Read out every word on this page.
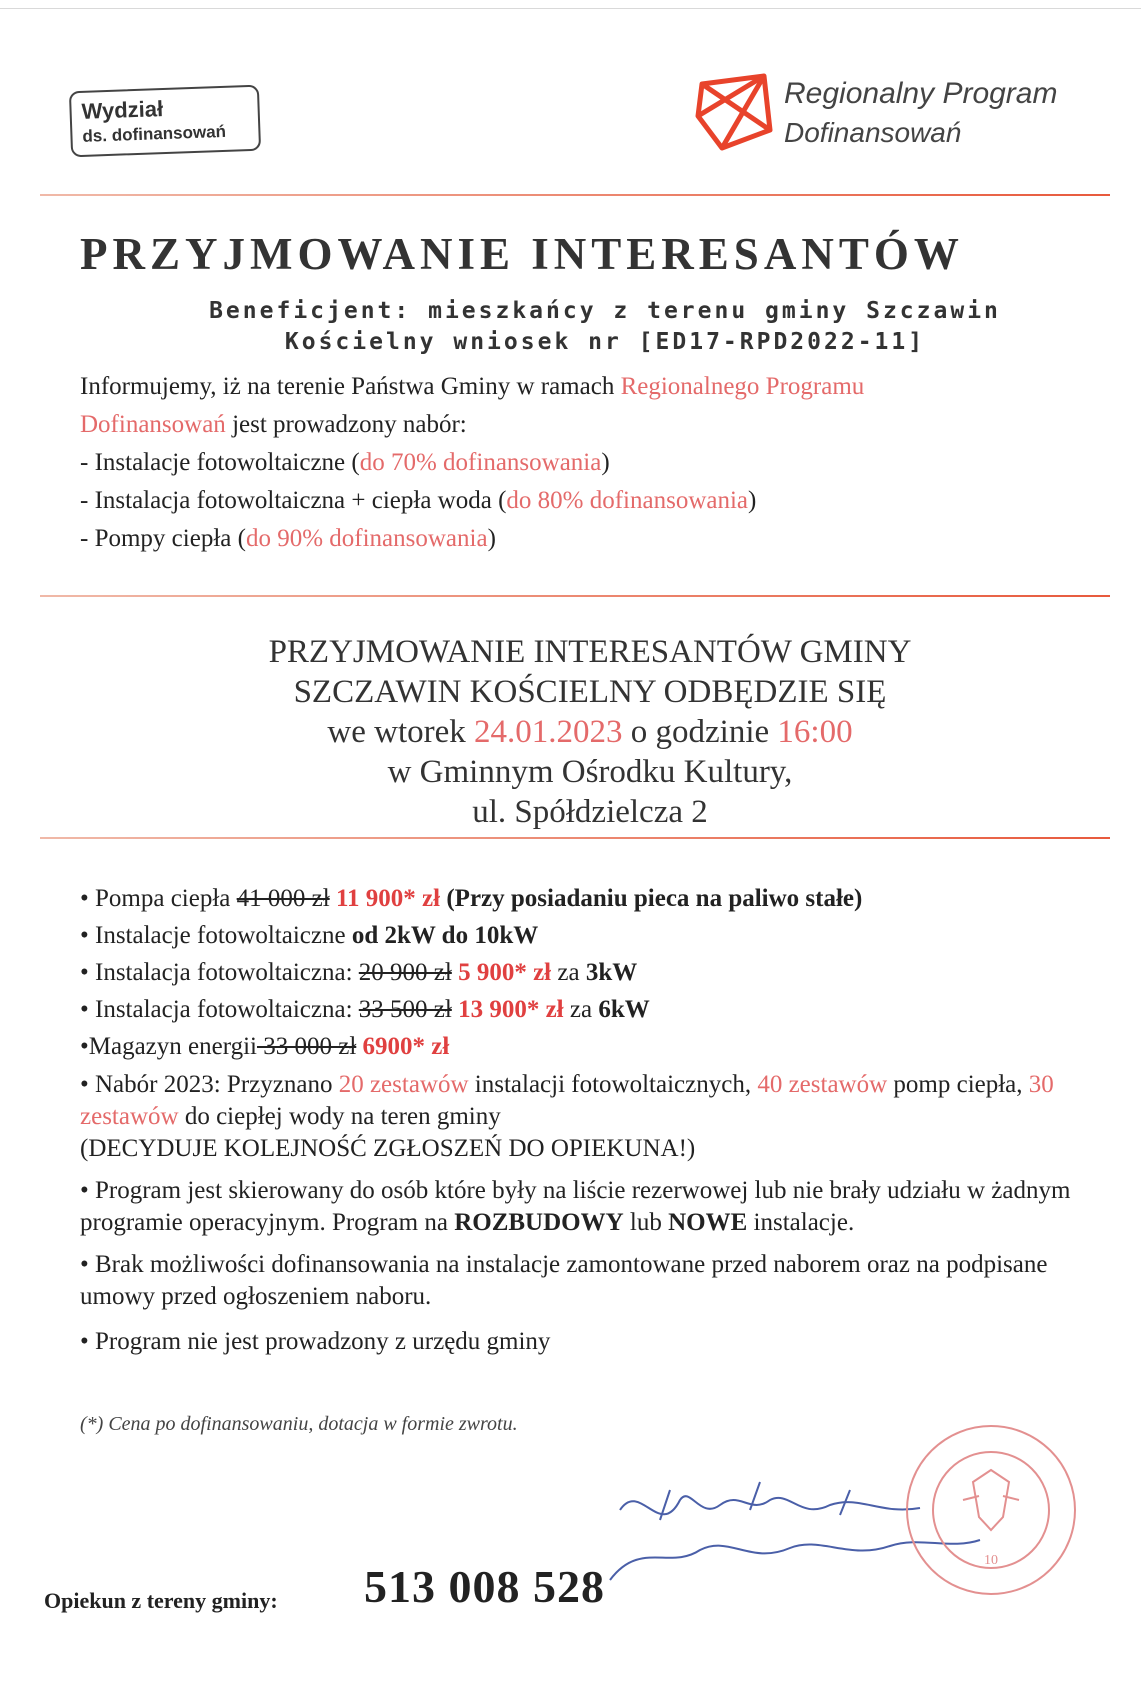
Wydział
ds. dofinansowań
Regionalny Program
Dofinansowań
PRZYJMOWANIE INTERESANTÓW
Beneficjent: mieszkańcy z terenu gminy Szczawin
Kościelny wniosek nr [ED17-RPD2022-11]
Informujemy, iż na terenie Państwa Gminy w ramach Regionalnego Programu
Dofinansowań jest prowadzony nabór:
- Instalacje fotowoltaiczne (do 70% dofinansowania)
- Instalacja fotowoltaiczna + ciepła woda (do 80% dofinansowania)
- Pompy ciepła (do 90% dofinansowania)
PRZYJMOWANIE INTERESANTÓW GMINY
SZCZAWIN KOŚCIELNY ODBĘDZIE SIĘ
we wtorek 24.01.2023 o godzinie 16:00
w Gminnym Ośrodku Kultury,
ul. Spółdzielcza 2
• Pompa ciepła 41 000 zł 11 900* zł (Przy posiadaniu pieca na paliwo stałe)
• Instalacje fotowoltaiczne od 2kW do 10kW
• Instalacja fotowoltaiczna: 20 900 zł 5 900* zł za 3kW
• Instalacja fotowoltaiczna: 33 500 zł 13 900* zł za 6kW
•Magazyn energii 33 000 zł 6900* zł
• Nabór 2023: Przyznano 20 zestawów instalacji fotowoltaicznych, 40 zestawów pomp ciepła, 30 zestawów do ciepłej wody na teren gminy
(DECYDUJE KOLEJNOŚĆ ZGŁOSZEŃ DO OPIEKUNA!)
• Program jest skierowany do osób które były na liście rezerwowej lub nie brały udziału w żadnym programie operacyjnym. Program na ROZBUDOWY lub NOWE instalacje.
• Brak możliwości dofinansowania na instalacje zamontowane przed naborem oraz na podpisane umowy przed ogłoszeniem naboru.
• Program nie jest prowadzony z urzędu gminy
(*) Cena po dofinansowaniu, dotacja w formie zwrotu.
10
Opiekun z tereny gminy: 513 008 528
